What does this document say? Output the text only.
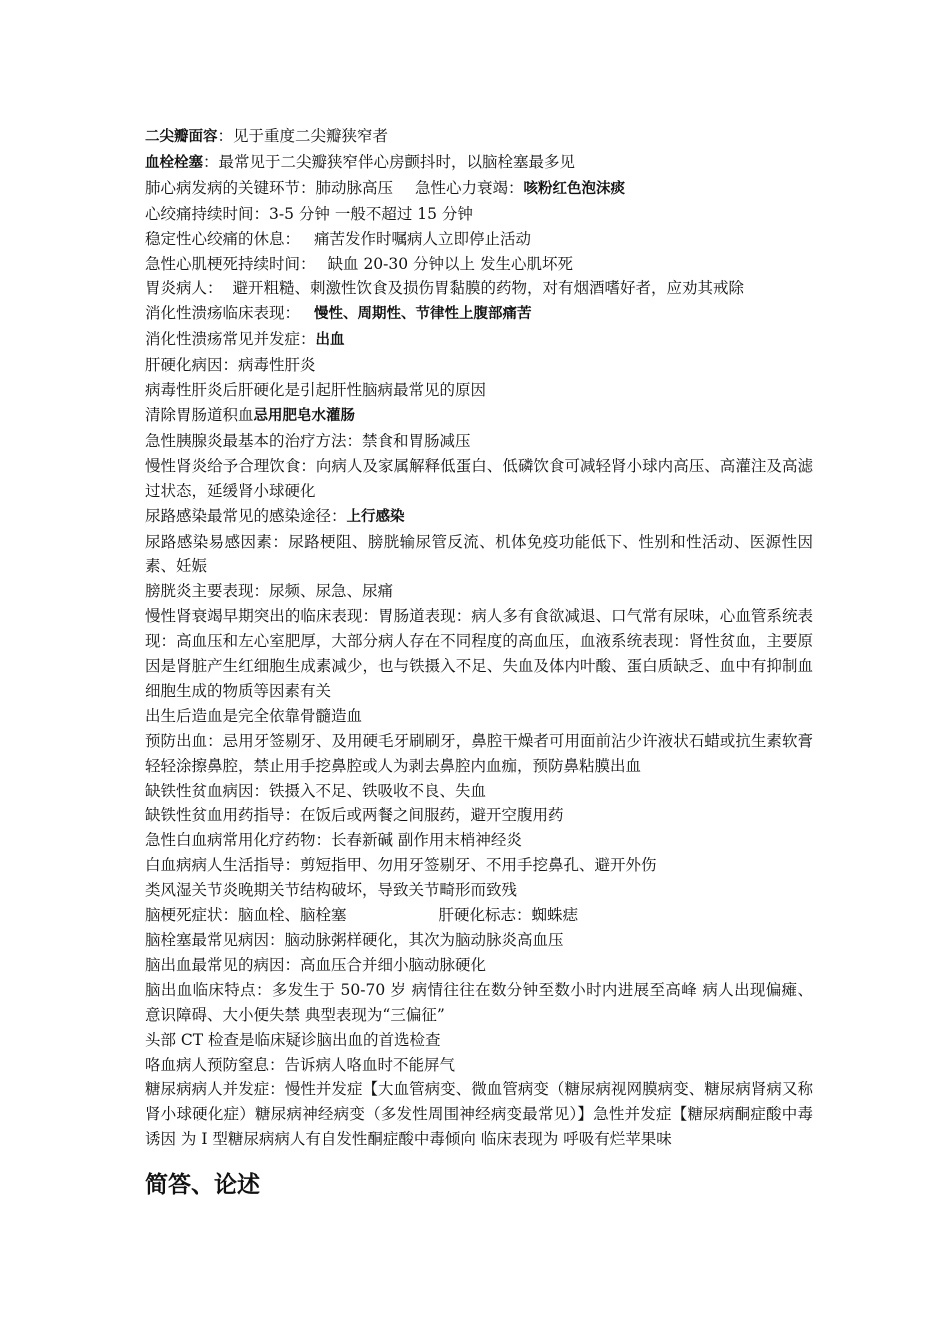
二尖瓣面容：见于重度二尖瓣狭窄者
血栓栓塞：最常见于二尖瓣狭窄伴心房颤抖时，以脑栓塞最多见
肺心病发病的关键环节：肺动脉高压 急性心力衰竭：咳粉红色泡沫痰
心绞痛持续时间：3-5 分钟 一般不超过 15 分钟
稳定性心绞痛的休息： 痛苦发作时嘱病人立即停止活动
急性心肌梗死持续时间： 缺血 20-30 分钟以上 发生心肌坏死
胃炎病人： 避开粗糙、刺激性饮食及损伤胃黏膜的药物，对有烟酒嗜好者，应劝其戒除
消化性溃疡临床表现： 慢性、周期性、节律性上腹部痛苦
消化性溃疡常见并发症：出血
肝硬化病因：病毒性肝炎
病毒性肝炎后肝硬化是引起肝性脑病最常见的原因
清除胃肠道积血忌用肥皂水灌肠
急性胰腺炎最基本的治疗方法：禁食和胃肠减压
慢性肾炎给予合理饮食：向病人及家属解释低蛋白、低磷饮食可减轻肾小球内高压、高灌注及高滤过状态，延缓肾小球硬化
尿路感染最常见的感染途径：上行感染
尿路感染易感因素：尿路梗阻、膀胱输尿管反流、机体免疫功能低下、性别和性活动、医源性因素、妊娠
膀胱炎主要表现：尿频、尿急、尿痛
慢性肾衰竭早期突出的临床表现：胃肠道表现：病人多有食欲减退、口气常有尿味，心血管系统表现：高血压和左心室肥厚，大部分病人存在不同程度的高血压，血液系统表现：肾性贫血，主要原因是肾脏产生红细胞生成素减少，也与铁摄入不足、失血及体内叶酸、蛋白质缺乏、血中有抑制血细胞生成的物质等因素有关
出生后造血是完全依靠骨髓造血
预防出血：忌用牙签剔牙、及用硬毛牙刷刷牙，鼻腔干燥者可用面前沾少许液状石蜡或抗生素软膏轻轻涂擦鼻腔，禁止用手挖鼻腔或人为剥去鼻腔内血痂，预防鼻粘膜出血
缺铁性贫血病因：铁摄入不足、铁吸收不良、失血
缺铁性贫血用药指导：在饭后或两餐之间服药，避开空腹用药
急性白血病常用化疗药物：长春新碱 副作用末梢神经炎
白血病病人生活指导：剪短指甲、勿用牙签剔牙、不用手挖鼻孔、避开外伤
类风湿关节炎晚期关节结构破坏，导致关节畸形而致残
脑梗死症状：脑血栓、脑栓塞	肝硬化标志：蜘蛛痣
脑栓塞最常见病因：脑动脉粥样硬化，其次为脑动脉炎高血压
脑出血最常见的病因：高血压合并细小脑动脉硬化
脑出血临床特点：多发生于 50-70 岁 病情往往在数分钟至数小时内进展至高峰 病人出现偏瘫、意识障碍、大小便失禁 典型表现为“三偏征”
头部 CT 检查是临床疑诊脑出血的首选检查
咯血病人预防窒息：告诉病人咯血时不能屏气
糖尿病病人并发症：慢性并发症【大血管病变、微血管病变（糖尿病视网膜病变、糖尿病肾病又称肾小球硬化症）糖尿病神经病变（多发性周围神经病变最常见）】急性并发症【糖尿病酮症酸中毒 诱因 为 I 型糖尿病病人有自发性酮症酸中毒倾向 临床表现为 呼吸有烂苹果味
简答、论述
